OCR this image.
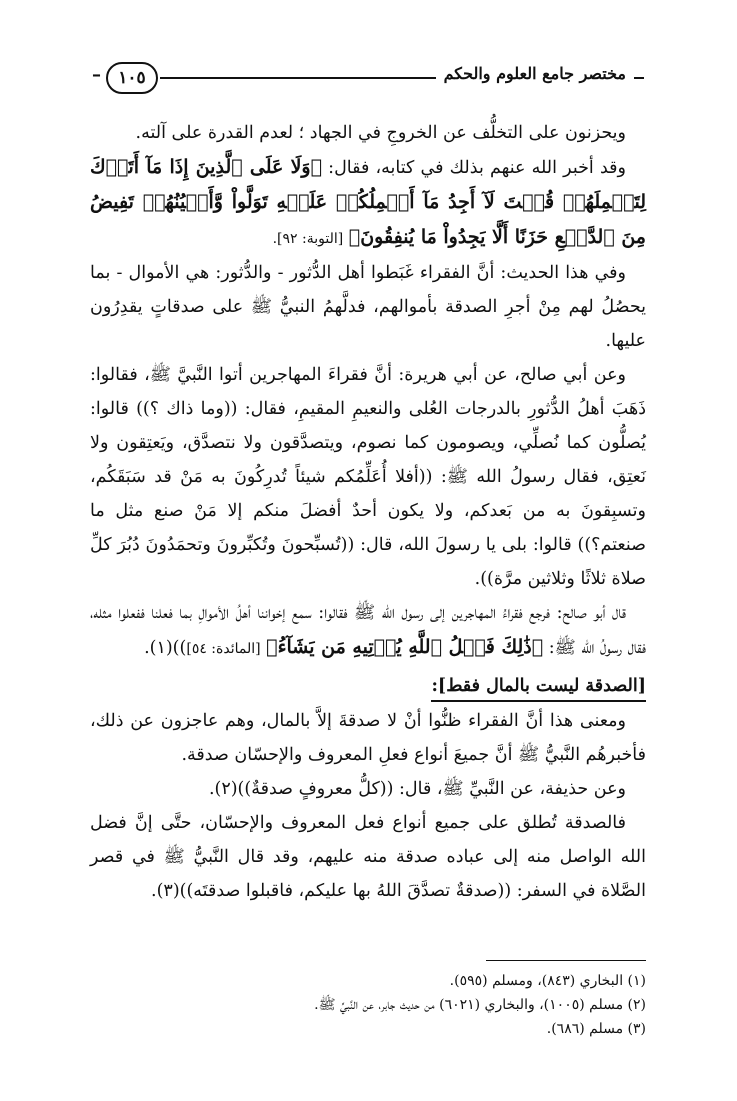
مختصر جامع العلوم والحكم
١٠٥
–

ويحزنون على التخلُّف عن الخروجِ في الجهاد ؛ لعدم القدرة على آلته.

وقد أخبر الله عنهم بذلك في كتابه، فقال: ﴿وَلَا عَلَى ٱلَّذِينَ إِذَا مَآ أَتَوۡكَ لِتَحۡمِلَهُمۡ قُلۡتَ لَآ أَجِدُ مَآ أَحۡمِلُكُمۡ عَلَيۡهِ تَوَلَّواْ وَّأَعۡيُنُهُمۡ تَفِيضُ مِنَ ٱلدَّمۡعِ حَزَنًا أَلَّا يَجِدُواْ مَا يُنفِقُونَ﴾ [التوبة: ٩٢].

وفي هذا الحديث: أنَّ الفقراء غَبَطوا أهل الدُّثور - والدُّثور: هي الأموال - بما يحصُلُ لهم مِنْ أجرِ الصدقة بأموالهم، فدلَّهمُ النبيُّ ﷺ على صدقاتٍ يقدِرُون عليها.

وعن أبي صالح، عن أبي هريرة: أنَّ فقراءَ المهاجرين أتوا النَّبيَّ ﷺ، فقالوا: ذَهَبَ أهلُ الدُّثورِ بالدرجات العُلى والنعيمِ المقيمِ، فقال: ((وما ذاك ؟)) قالوا: يُصلُّون كما نُصلِّي، ويصومون كما نصوم، ويتصدَّقون ولا نتصدَّق، ويَعتِقون ولا نَعتِق، فقال رسولُ الله ﷺ: ((أفلا أُعَلِّمُكم شيئاً تُدرِكُونَ به مَنْ قد سَبَقَكُم، وتسبِقونَ به من بَعدكم، ولا يكون أحدٌ أفضلَ منكم إلا مَنْ صنع مثل ما صنعتم؟)) قالوا: بلى يا رسولَ الله، قال: ((تُسبِّحونَ وتُكبِّرونَ وتحمَدُونَ دُبُرَ كلِّ صلاة ثلاثًا وثلاثين مرَّة)).

قال أبو صالح: فرجع فقراءُ المهاجرين إلى رسول الله ﷺ فقالوا: سمع إخواننا أهلُ الأموالِ بما فعلنا ففعلوا مثله، فقال رسولُ الله ﷺ: ﴿ذَٰلِكَ فَضۡلُ ٱللَّهِ يُؤۡتِيهِ مَن يَشَآءُ﴾ [المائدة: ٥٤]))(١).

[الصدقة ليست بالمال فقط]:

ومعنى هذا أنَّ الفقراء ظنُّوا أنْ لا صدقةَ إلاَّ بالمال، وهم عاجزون عن ذلك، فأخبرهُم النَّبيُّ ﷺ أنَّ جميعَ أنواع فعلِ المعروف والإحسّان صدقة.

وعن حذيفة، عن النَّبيِّ ﷺ، قال: ((كلُّ معروفٍ صدقةٌ))(٢).

فالصدقة تُطلق على جميع أنواع فعل المعروف والإحسّان، حتَّى إنَّ فضل الله الواصل منه إلى عباده صدقة منه عليهم، وقد قال النَّبيُّ ﷺ في قصر الصَّلاة في السفر: ((صدقةٌ تصدَّقَ اللهُ بها عليكم، فاقبلوا صدقتَه))(٣).

(١) البخاري (٨٤٣)، ومسلم (٥٩٥).

(٢) مسلم (١٠٠٥)، والبخاري (٦٠٢١) من حديث جابر، عن النَّبيِّ ﷺ.

(٣) مسلم (٦٨٦).
